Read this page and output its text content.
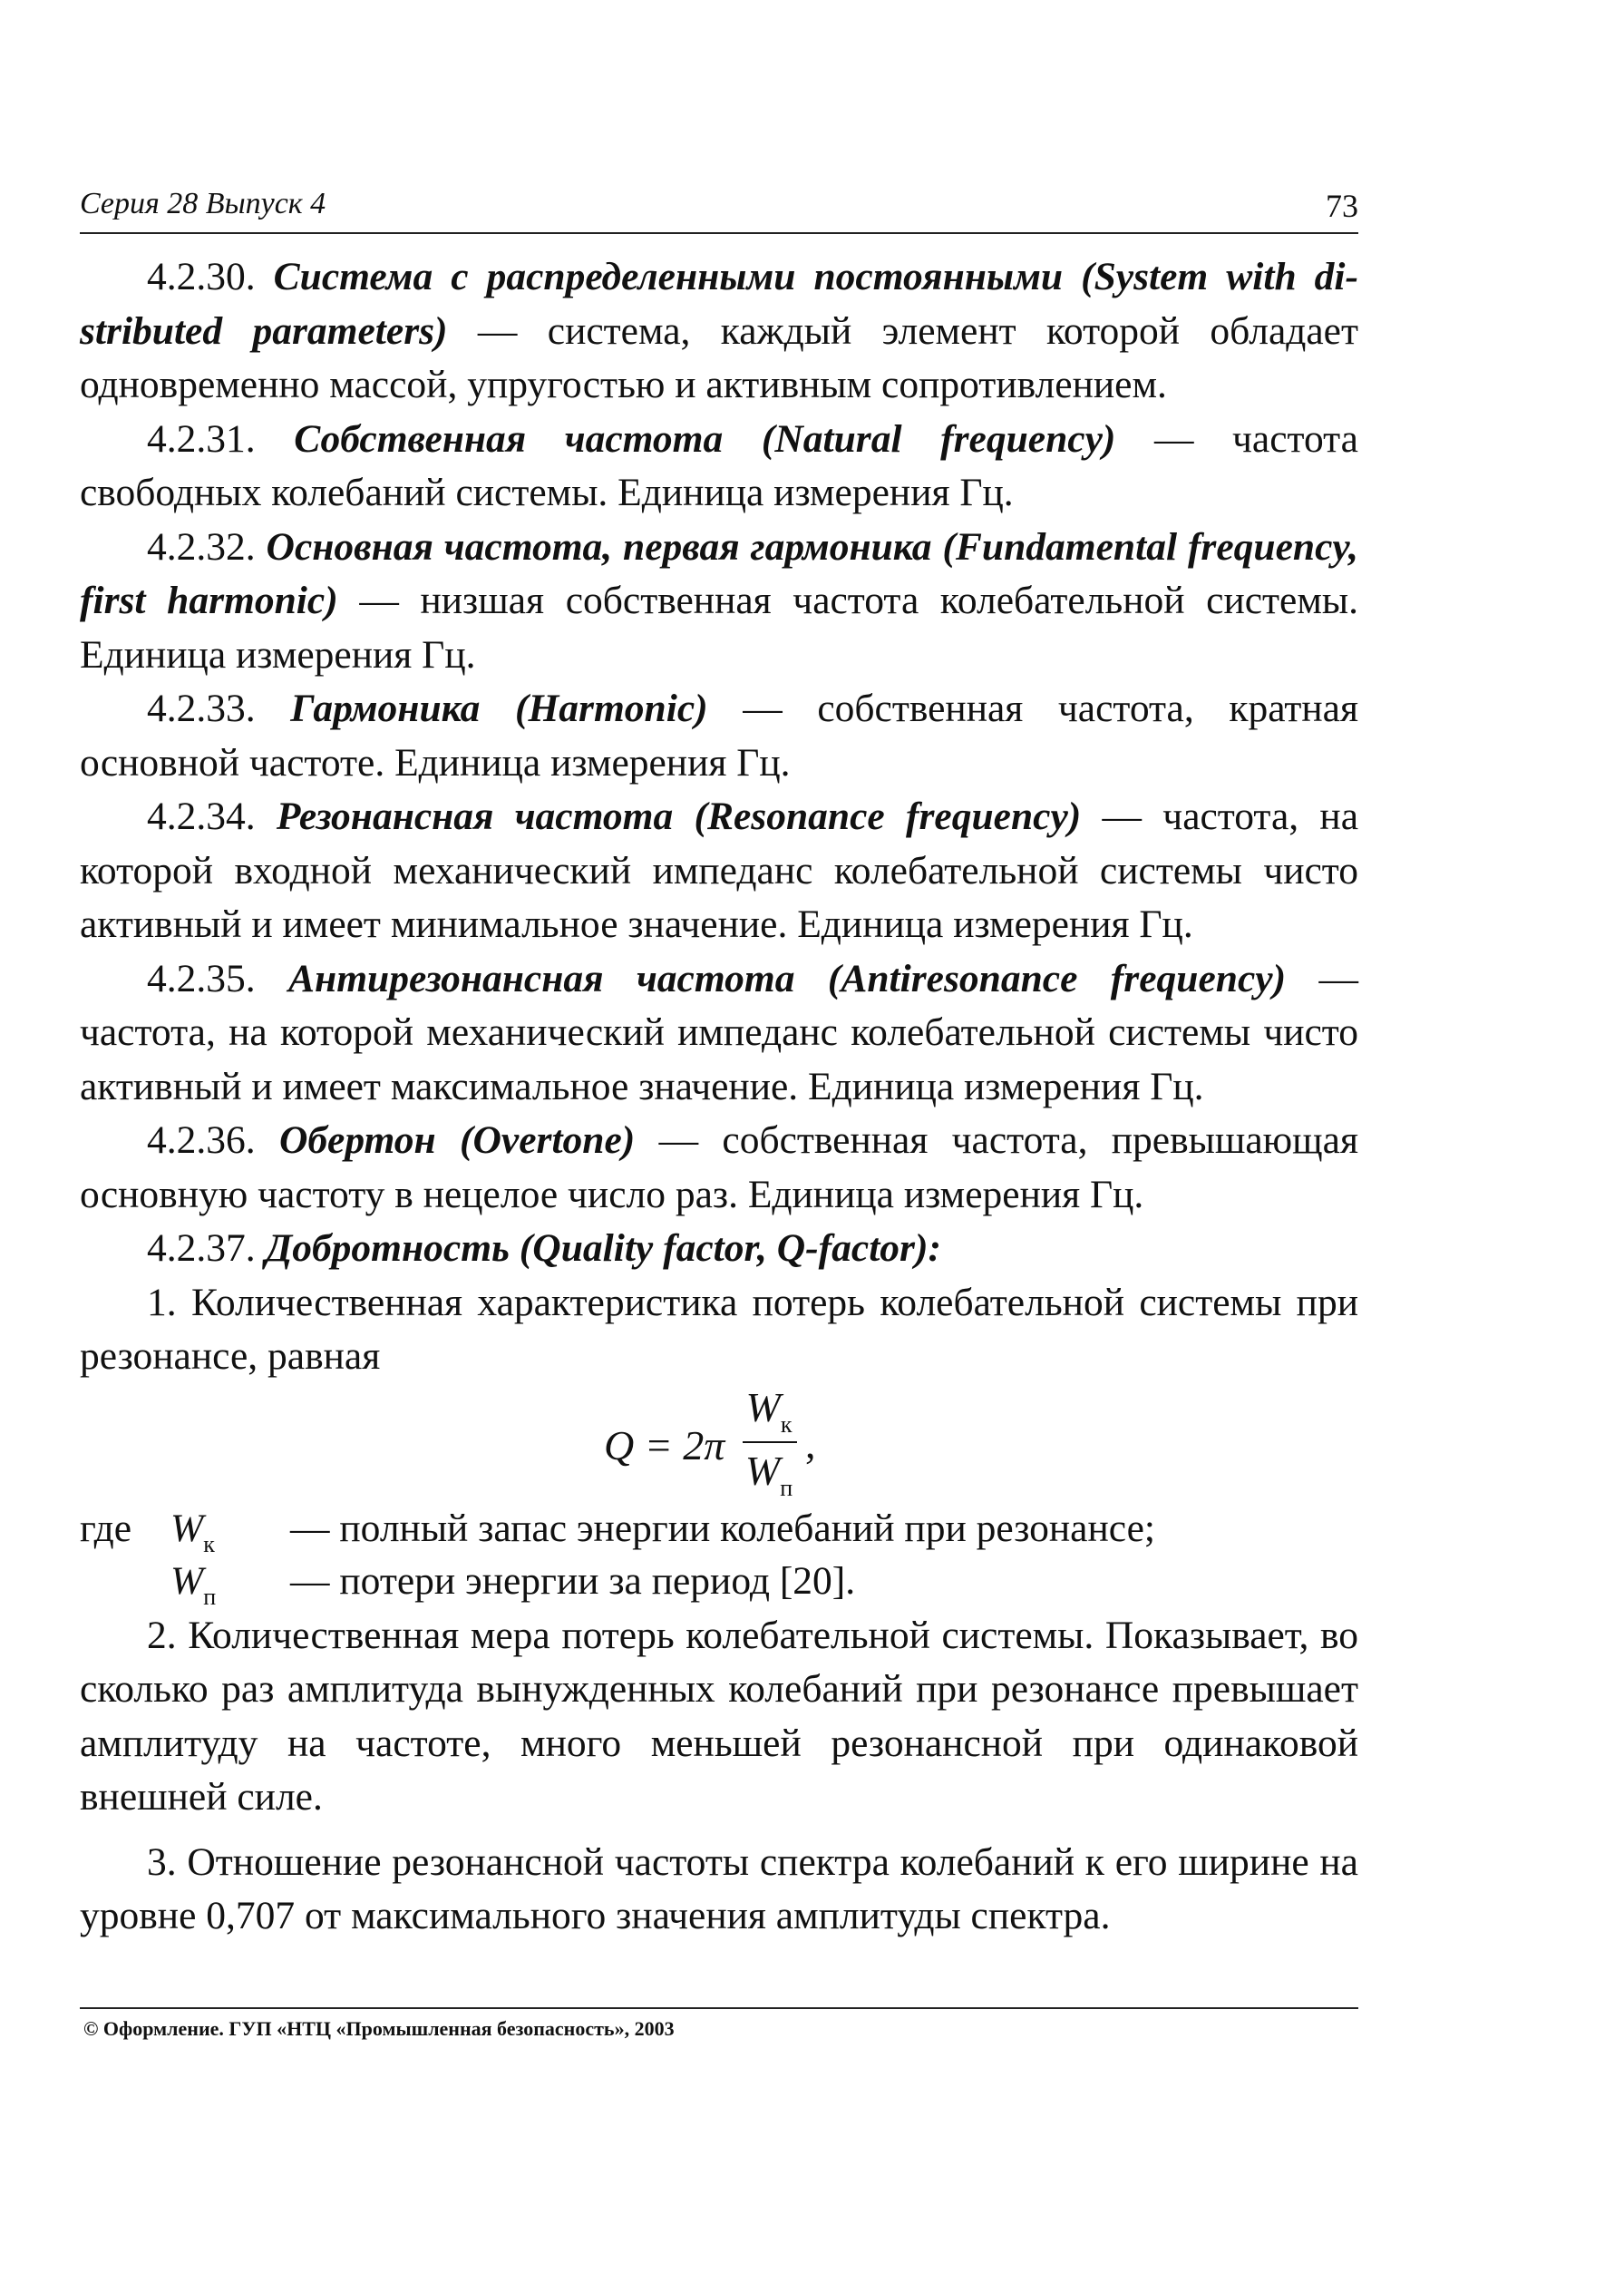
Серия 28 Выпуск 4	73

4.2.30. Система с распределенными постоянными (System with di-stributed parameters) — система, каждый элемент которой обладает одновременно массой, упругостью и активным сопротивлением.

4.2.31. Собственная частота (Natural frequency) — частота свободных колебаний системы. Единица измерения Гц.

4.2.32. Основная частота, первая гармоника (Fundamental frequency, first harmonic) — низшая собственная частота колебательной системы. Единица измерения Гц.

4.2.33. Гармоника (Harmonic) — собственная частота, кратная основной частоте. Единица измерения Гц.

4.2.34. Резонансная частота (Resonance frequency) — частота, на которой входной механический импеданс колебательной системы чисто активный и имеет минимальное значение. Единица измерения Гц.

4.2.35. Антирезонансная частота (Antiresonance frequency) — частота, на которой механический импеданс колебательной системы чисто активный и имеет максимальное значение. Единица измерения Гц.

4.2.36. Обертон (Overtone) — собственная частота, превышающая основную частоту в нецелое число раз. Единица измерения Гц.

4.2.37. Добротность (Quality factor, Q-factor):

1. Количественная характеристика потерь колебательной системы при резонансе, равная

Q = 2π
$W_к$
$W_п$
,
где $W_к$ — полный запас энергии колебаний при резонансе;
$W_п$ — потери энергии за период [20].

2. Количественная мера потерь колебательной системы. Показывает, во сколько раз амплитуда вынужденных колебаний при резонансе превышает амплитуду на частоте, много меньшей резонансной при одинаковой внешней силе.

3. Отношение резонансной частоты спектра колебаний к его ширине на уровне 0,707 от максимального значения амплитуды спектра.

© Оформление. ГУП «НТЦ «Промышленная безопасность», 2003
